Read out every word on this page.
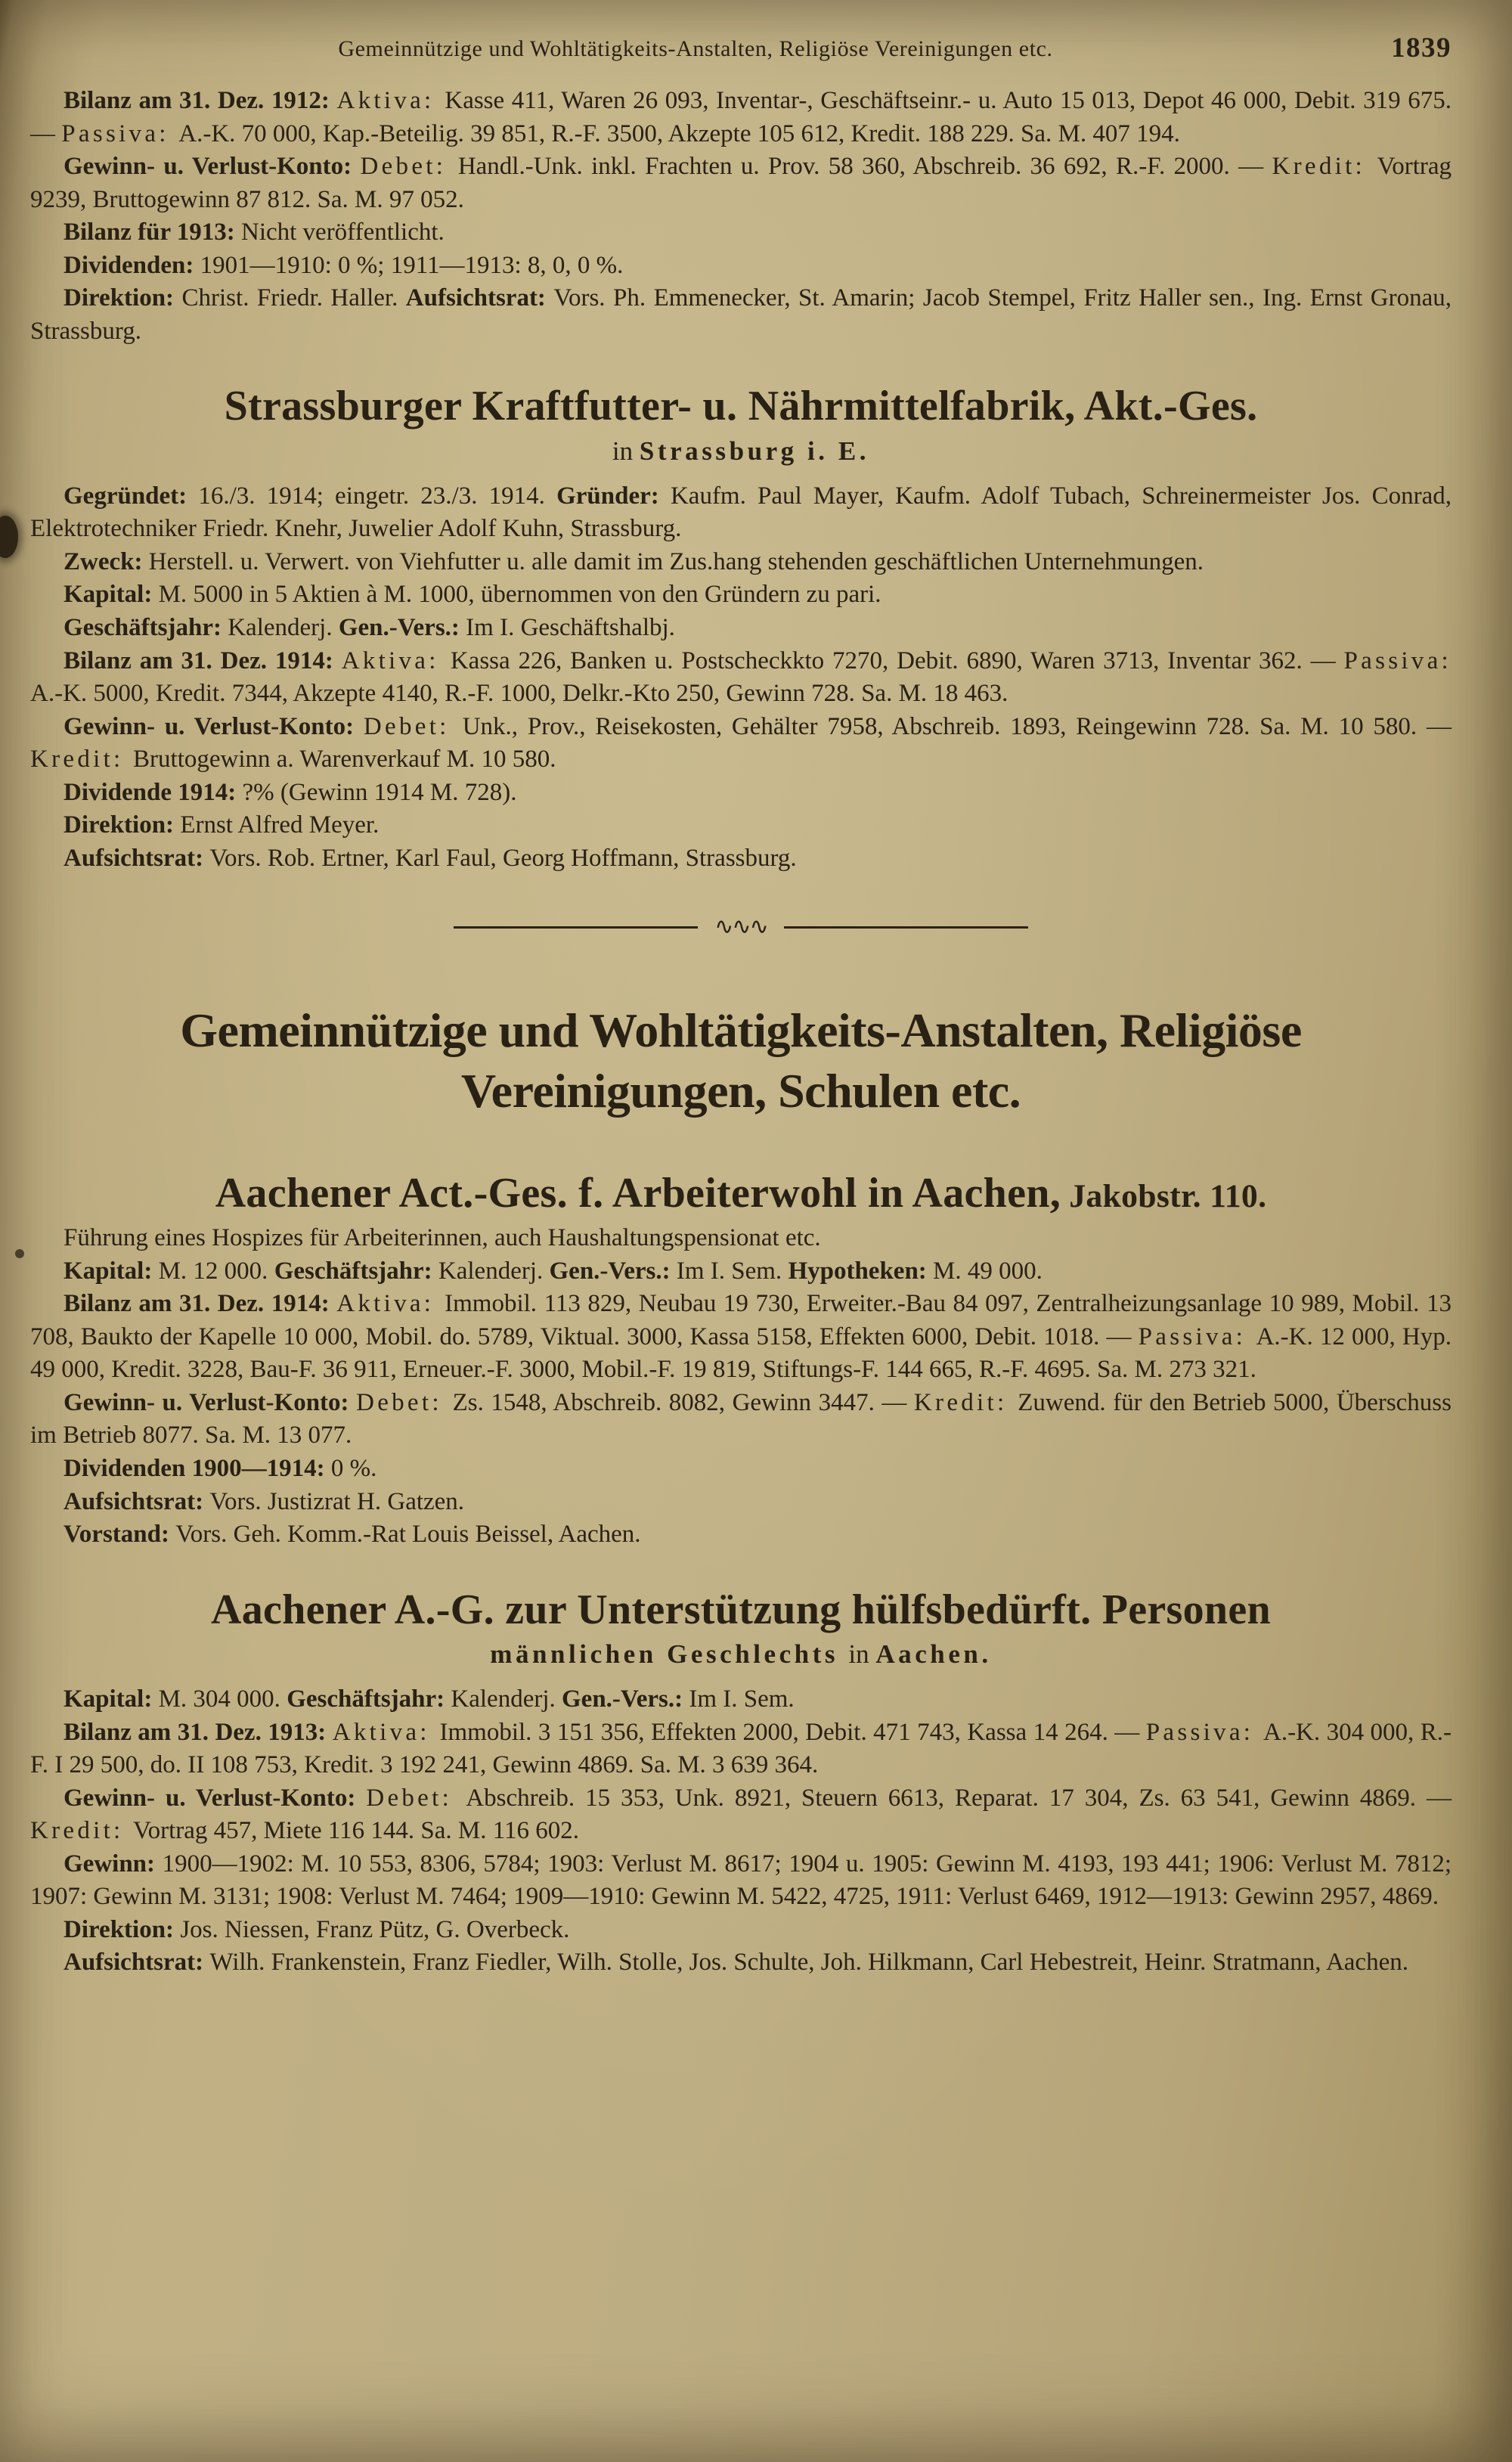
Gemeinnützige und Wohltätigkeits-Anstalten, Religiöse Vereinigungen etc.	1839

Bilanz am 31. Dez. 1912: Aktiva: Kasse 411, Waren 26 093, Inventar-, Geschäftseinr.- u. Auto 15 013, Depot 46 000, Debit. 319 675. — Passiva: A.-K. 70 000, Kap.-Beteilig. 39 851, R.-F. 3500, Akzepte 105 612, Kredit. 188 229. Sa. M. 407 194.

Gewinn- u. Verlust-Konto: Debet: Handl.-Unk. inkl. Frachten u. Prov. 58 360, Abschreib. 36 692, R.-F. 2000. — Kredit: Vortrag 9239, Bruttogewinn 87 812. Sa. M. 97 052.

Bilanz für 1913: Nicht veröffentlicht.

Dividenden: 1901—1910: 0 %; 1911—1913: 8, 0, 0 %.

Direktion: Christ. Friedr. Haller. Aufsichtsrat: Vors. Ph. Emmenecker, St. Amarin; Jacob Stempel, Fritz Haller sen., Ing. Ernst Gronau, Strassburg.

Strassburger Kraftfutter- u. Nährmittelfabrik, Akt.-Ges.

in Strassburg i. E.

Gegründet: 16./3. 1914; eingetr. 23./3. 1914. Gründer: Kaufm. Paul Mayer, Kaufm. Adolf Tubach, Schreinermeister Jos. Conrad, Elektrotechniker Friedr. Knehr, Juwelier Adolf Kuhn, Strassburg.

Zweck: Herstell. u. Verwert. von Viehfutter u. alle damit im Zus.hang stehenden geschäftlichen Unternehmungen.

Kapital: M. 5000 in 5 Aktien à M. 1000, übernommen von den Gründern zu pari.

Geschäftsjahr: Kalenderj. Gen.-Vers.: Im I. Geschäftshalbj.

Bilanz am 31. Dez. 1914: Aktiva: Kassa 226, Banken u. Postscheckkto 7270, Debit. 6890, Waren 3713, Inventar 362. — Passiva: A.-K. 5000, Kredit. 7344, Akzepte 4140, R.-F. 1000, Delkr.-Kto 250, Gewinn 728. Sa. M. 18 463.

Gewinn- u. Verlust-Konto: Debet: Unk., Prov., Reisekosten, Gehälter 7958, Abschreib. 1893, Reingewinn 728. Sa. M. 10 580. — Kredit: Bruttogewinn a. Warenverkauf M. 10 580.

Dividende 1914: ?% (Gewinn 1914 M. 728).

Direktion: Ernst Alfred Meyer.

Aufsichtsrat: Vors. Rob. Ertner, Karl Faul, Georg Hoffmann, Strassburg.

∿∿∿
Gemeinnützige und Wohltätigkeits-Anstalten, Religiöse
Vereinigungen, Schulen etc.
Aachener Act.-Ges. f. Arbeiterwohl in Aachen, Jakobstr. 110.

Führung eines Hospizes für Arbeiterinnen, auch Haushaltungspensionat etc.

Kapital: M. 12 000. Geschäftsjahr: Kalenderj. Gen.-Vers.: Im I. Sem. Hypotheken: M. 49 000.

Bilanz am 31. Dez. 1914: Aktiva: Immobil. 113 829, Neubau 19 730, Erweiter.-Bau 84 097, Zentralheizungsanlage 10 989, Mobil. 13 708, Baukto der Kapelle 10 000, Mobil. do. 5789, Viktual. 3000, Kassa 5158, Effekten 6000, Debit. 1018. — Passiva: A.-K. 12 000, Hyp. 49 000, Kredit. 3228, Bau-F. 36 911, Erneuer.-F. 3000, Mobil.-F. 19 819, Stiftungs-F. 144 665, R.-F. 4695. Sa. M. 273 321.

Gewinn- u. Verlust-Konto: Debet: Zs. 1548, Abschreib. 8082, Gewinn 3447. — Kredit: Zuwend. für den Betrieb 5000, Überschuss im Betrieb 8077. Sa. M. 13 077.

Dividenden 1900—1914: 0 %.

Aufsichtsrat: Vors. Justizrat H. Gatzen.

Vorstand: Vors. Geh. Komm.-Rat Louis Beissel, Aachen.

Aachener A.-G. zur Unterstützung hülfsbedürft. Personen

männlichen Geschlechts in Aachen.

Kapital: M. 304 000. Geschäftsjahr: Kalenderj. Gen.-Vers.: Im I. Sem.

Bilanz am 31. Dez. 1913: Aktiva: Immobil. 3 151 356, Effekten 2000, Debit. 471 743, Kassa 14 264. — Passiva: A.-K. 304 000, R.-F. I 29 500, do. II 108 753, Kredit. 3 192 241, Gewinn 4869. Sa. M. 3 639 364.

Gewinn- u. Verlust-Konto: Debet: Abschreib. 15 353, Unk. 8921, Steuern 6613, Reparat. 17 304, Zs. 63 541, Gewinn 4869. — Kredit: Vortrag 457, Miete 116 144. Sa. M. 116 602.

Gewinn: 1900—1902: M. 10 553, 8306, 5784; 1903: Verlust M. 8617; 1904 u. 1905: Gewinn M. 4193, 193 441; 1906: Verlust M. 7812; 1907: Gewinn M. 3131; 1908: Verlust M. 7464; 1909—1910: Gewinn M. 5422, 4725, 1911: Verlust 6469, 1912—1913: Gewinn 2957, 4869.

Direktion: Jos. Niessen, Franz Pütz, G. Overbeck.

Aufsichtsrat: Wilh. Frankenstein, Franz Fiedler, Wilh. Stolle, Jos. Schulte, Joh. Hilkmann, Carl Hebestreit, Heinr. Stratmann, Aachen.
